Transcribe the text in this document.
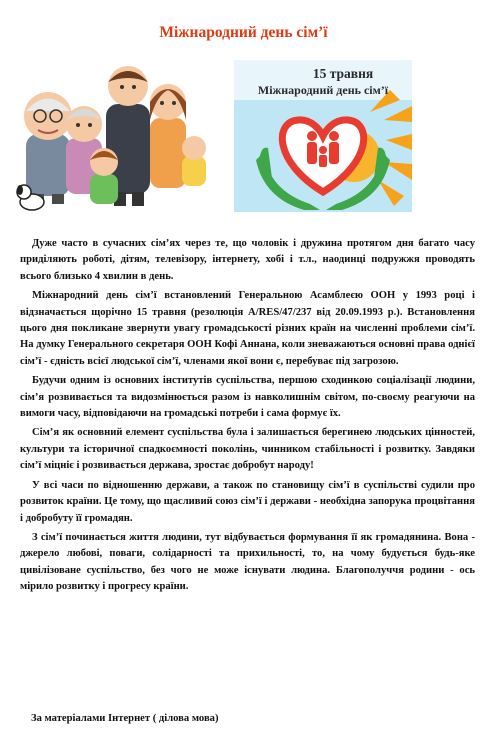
Міжнародний день сім’ї
15 травня
Міжнародний день сім’ї

Дуже часто в сучасних сім’ях через те, що чоловік і дружина протягом дня багато часу приділяють роботі, дітям, телевізору, інтернету, хобі і т.л., наодинці подружжя проводять всього близько 4 хвилин в день.

Міжнародний день сім’ї встановлений Генеральною Асамблеєю ООН у 1993 році і відзначається щорічно 15 травня (резолюція A/RES/47/237 від 20.09.1993 р.). Встановлення цього дня покликане звернути увагу громадськості різних країн на численні проблеми сім’ї. На думку Генерального секретаря ООН Кофі Аннана, коли зневажаються основні права однієї сім’ї - єдність всієї людської сім’ї, членами якої вони є, перебуває під загрозою.

Будучи одним із основних інститутів суспільства, першою сходинкою соціалізації людини, сім’я розвивається та видозмінюється разом із навколишнім світом, по-своєму реагуючи на вимоги часу, відповідаючи на громадські потреби і сама формує їх.

Сім’я як основний елемент суспільства була і залишається берегинею людських цінностей, культури та історичної спадкоємності поколінь, чинником стабільності і розвитку. Завдяки сім’ї міцніє і розвивається держава, зростає добробут народу!

У всі часи по відношенню держави, а також по становищу сім’ї в суспільстві судили про розвиток країни. Це тому, що щасливий союз сім’ї і держави - необхідна запорука процвітання і добробуту її громадян.

З сім’ї починається життя людини, тут відбувається формування її як громадянина. Вона - джерело любові, поваги, солідарності та прихильності, то, на чому будується будь-яке цивілізоване суспільство, без чого не може існувати людина. Благополуччя родини - ось мірило розвитку і прогресу країни.

За матеріалами Інтернет ( ділова мова)
